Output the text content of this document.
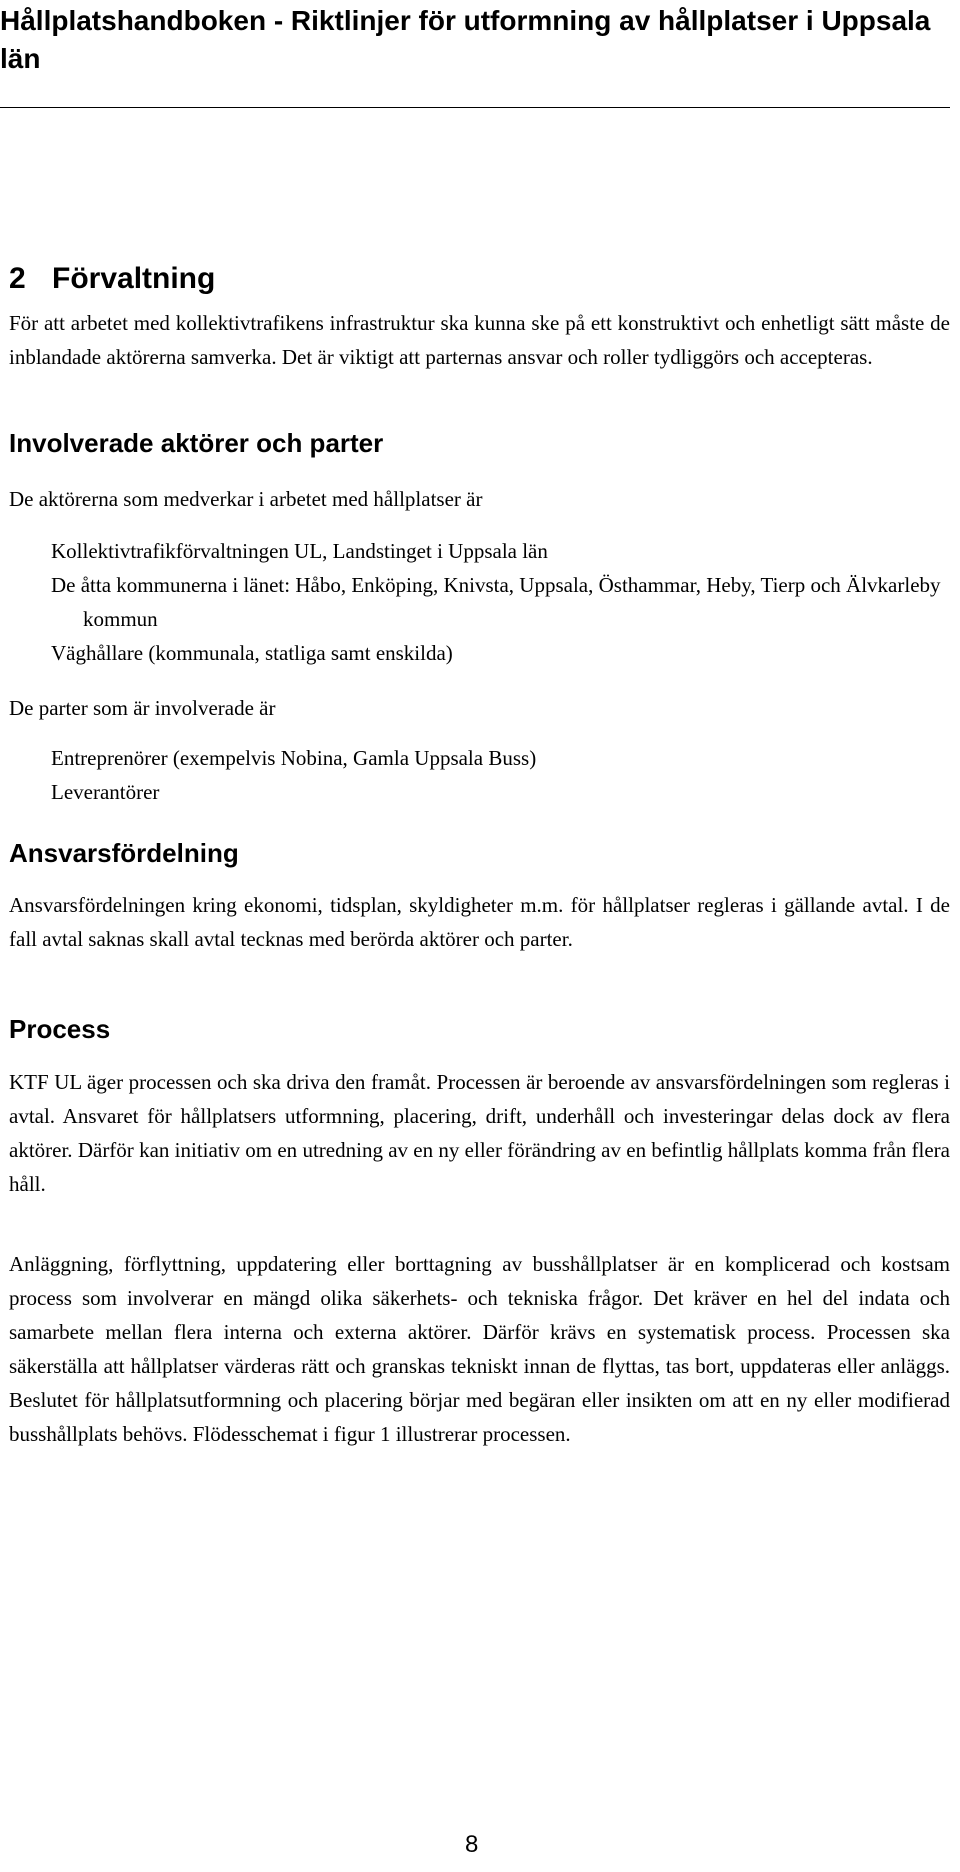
Hållplatshandboken - Riktlinjer för utformning av hållplatser i Uppsala län
2 Förvaltning
För att arbetet med kollektivtrafikens infrastruktur ska kunna ske på ett konstruktivt och enhetligt sätt måste de inblandade aktörerna samverka. Det är viktigt att parternas ansvar och roller tydliggörs och accepteras.
Involverade aktörer och parter
De aktörerna som medverkar i arbetet med hållplatser är
Kollektivtrafikförvaltningen UL, Landstinget i Uppsala län
De åtta kommunerna i länet: Håbo, Enköping, Knivsta, Uppsala, Östhammar, Heby, Tierp och Älvkarleby kommun
Väghållare (kommunala, statliga samt enskilda)
De parter som är involverade är
Entreprenörer (exempelvis Nobina, Gamla Uppsala Buss)
Leverantörer
Ansvarsfördelning
Ansvarsfördelningen kring ekonomi, tidsplan, skyldigheter m.m. för hållplatser regleras i gällande avtal. I de fall avtal saknas skall avtal tecknas med berörda aktörer och parter.
Process
KTF UL äger processen och ska driva den framåt. Processen är beroende av ansvarsfördelningen som regleras i avtal. Ansvaret för hållplatsers utformning, placering, drift, underhåll och investeringar delas dock av flera aktörer. Därför kan initiativ om en utredning av en ny eller förändring av en befintlig hållplats komma från flera håll.
Anläggning, förflyttning, uppdatering eller borttagning av busshållplatser är en komplicerad och kostsam process som involverar en mängd olika säkerhets- och tekniska frågor. Det kräver en hel del indata och samarbete mellan flera interna och externa aktörer. Därför krävs en systematisk process. Processen ska säkerställa att hållplatser värderas rätt och granskas tekniskt innan de flyttas, tas bort, uppdateras eller anläggs. Beslutet för hållplatsutformning och placering börjar med begäran eller insikten om att en ny eller modifierad busshållplats behövs. Flödesschemat i figur 1 illustrerar processen.
8
